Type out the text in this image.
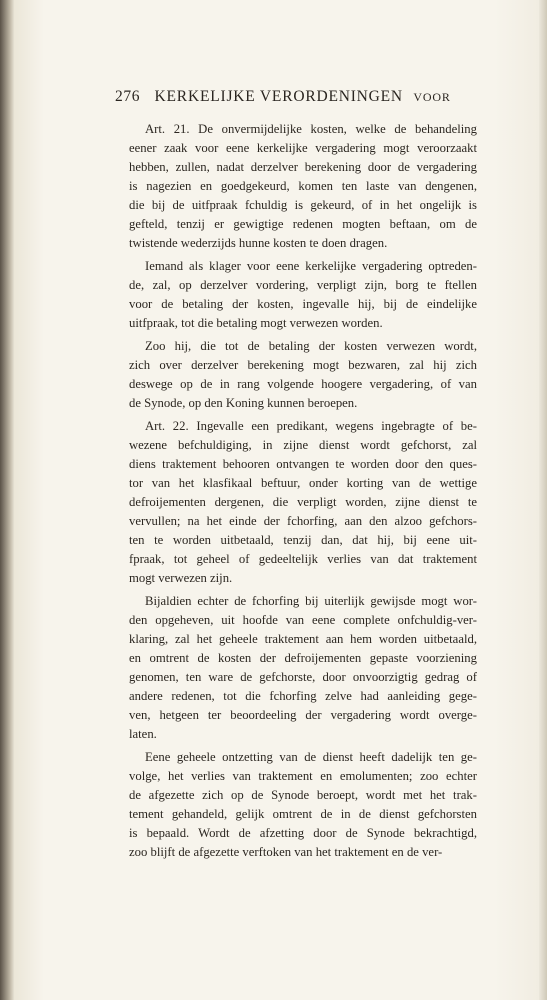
276 KERKELIJKE VERORDENINGEN VOOR

Art. 21. De onvermijdelijke kosten, welke de behandeling
eener zaak voor eene kerkelijke vergadering mogt veroorzaakt
hebben, zullen, nadat derzelver berekening door de vergadering
is nagezien en goedgekeurd, komen ten laste van dengenen,
die bij de uitfpraak fchuldig is gekeurd, of in het ongelijk is
gefteld, tenzij er gewigtige redenen mogten beftaan, om de
twistende wederzijds hunne kosten te doen dragen.

Iemand als klager voor eene kerkelijke vergadering optreden-
de, zal, op derzelver vordering, verpligt zijn, borg te ftellen
voor de betaling der kosten, ingevalle hij, bij de eindelijke
uitfpraak, tot die betaling mogt verwezen worden.

Zoo hij, die tot de betaling der kosten verwezen wordt,
zich over derzelver berekening mogt bezwaren, zal hij zich
deswege op de in rang volgende hoogere vergadering, of van
de Synode, op den Koning kunnen beroepen.

Art. 22. Ingevalle een predikant, wegens ingebragte of be-
wezene befchuldiging, in zijne dienst wordt gefchorst, zal
diens traktement behooren ontvangen te worden door den ques-
tor van het klasfikaal beftuur, onder korting van de wettige
defroijementen dergenen, die verpligt worden, zijne dienst te
vervullen; na het einde der fchorfing, aan den alzoo gefchors-
ten te worden uitbetaald, tenzij dan, dat hij, bij eene uit-
fpraak, tot geheel of gedeeltelijk verlies van dat traktement
mogt verwezen zijn.

Bijaldien echter de fchorfing bij uiterlijk gewijsde mogt wor-
den opgeheven, uit hoofde van eene complete onfchuldig-ver-
klaring, zal het geheele traktement aan hem worden uitbetaald,
en omtrent de kosten der defroijementen gepaste voorziening
genomen, ten ware de gefchorste, door onvoorzigtig gedrag of
andere redenen, tot die fchorfing zelve had aanleiding gege-
ven, hetgeen ter beoordeeling der vergadering wordt overge-
laten.

Eene geheele ontzetting van de dienst heeft dadelijk ten ge-
volge, het verlies van traktement en emolumenten; zoo echter
de afgezette zich op de Synode beroept, wordt met het trak-
tement gehandeld, gelijk omtrent de in de dienst gefchorsten
is bepaald. Wordt de afzetting door de Synode bekrachtigd,
zoo blijft de afgezette verftoken van het traktement en de ver-
